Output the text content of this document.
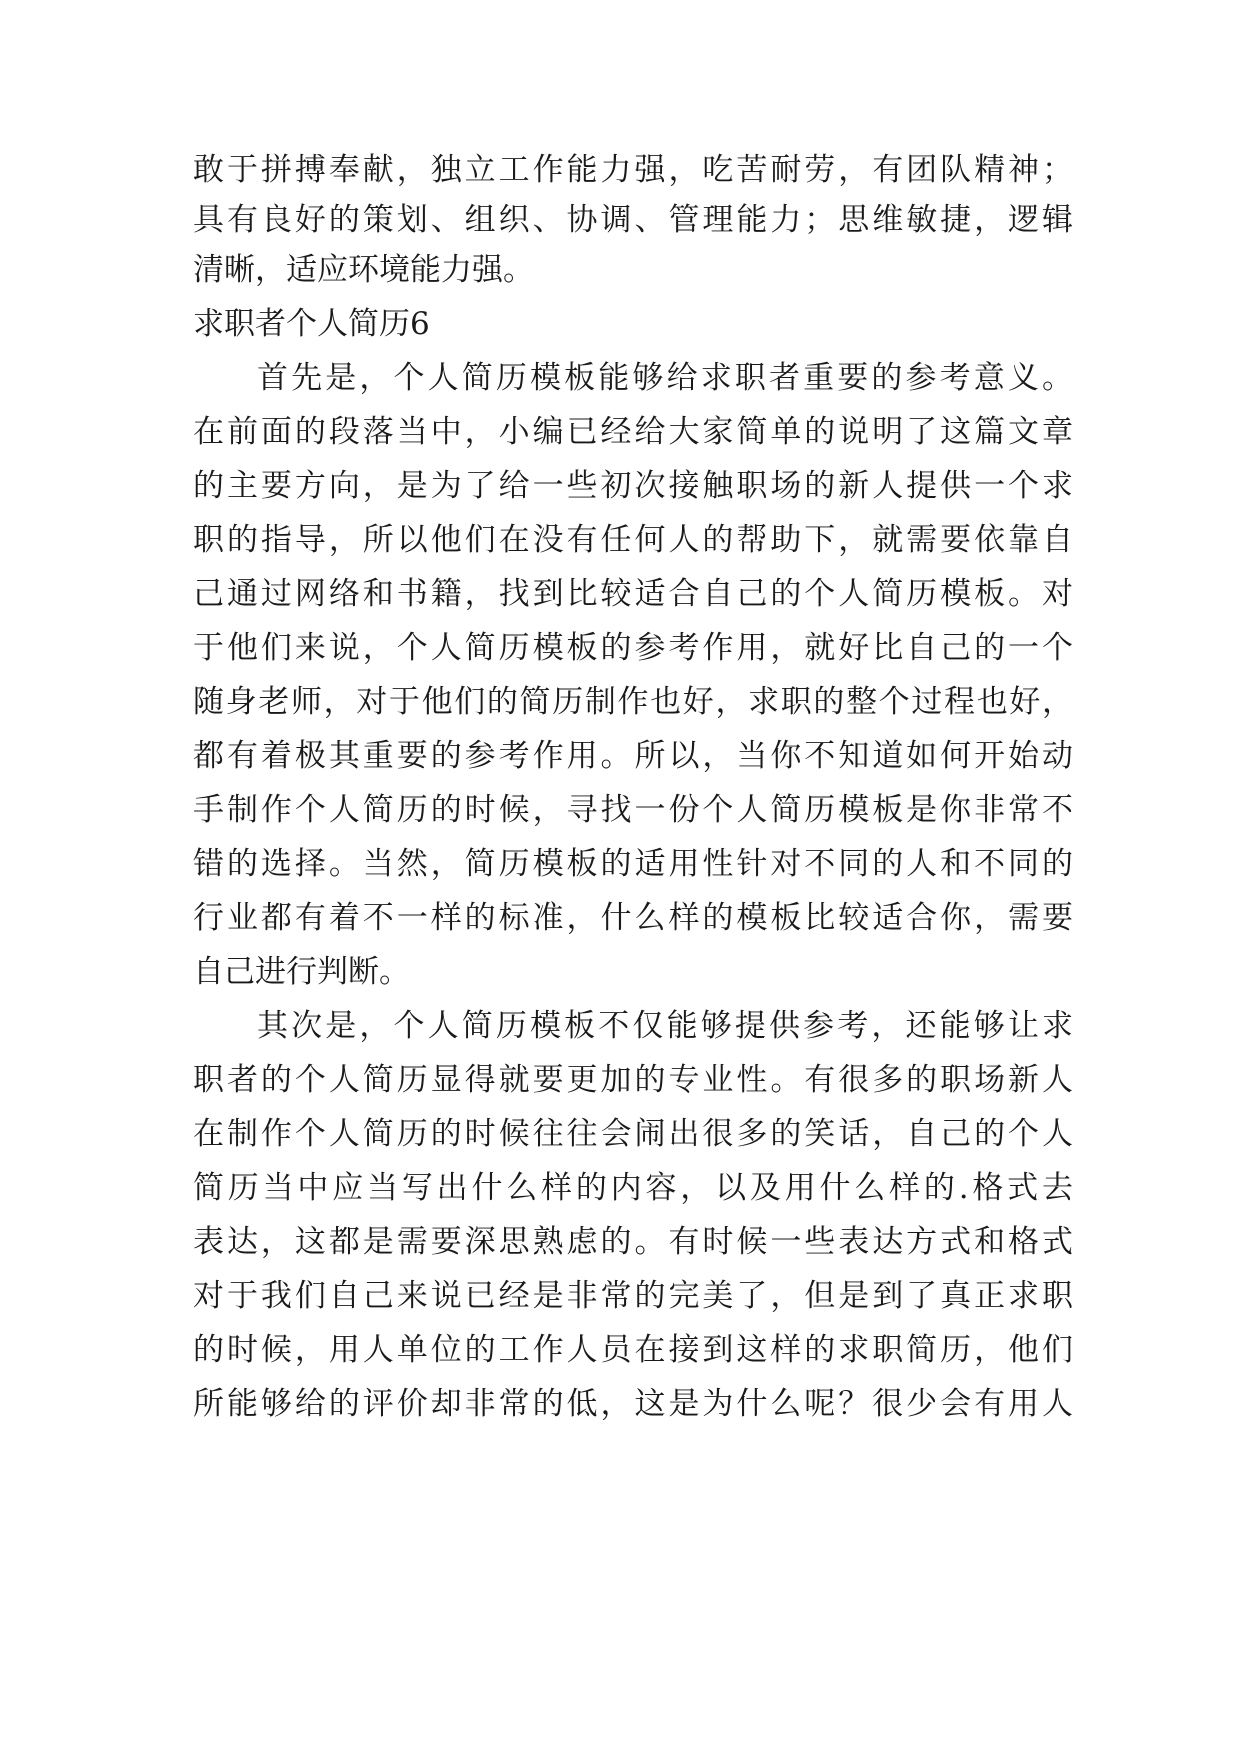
敢于拼搏奉献，独立工作能力强，吃苦耐劳，有团队精神；
具有良好的策划、组织、协调、管理能力；思维敏捷，逻辑
清晰，适应环境能力强。
求职者个人简历6
首先是，个人简历模板能够给求职者重要的参考意义。
在前面的段落当中，小编已经给大家简单的说明了这篇文章
的主要方向，是为了给一些初次接触职场的新人提供一个求
职的指导，所以他们在没有任何人的帮助下，就需要依靠自
己通过网络和书籍，找到比较适合自己的个人简历模板。对
于他们来说，个人简历模板的参考作用，就好比自己的一个
随身老师，对于他们的简历制作也好，求职的整个过程也好，
都有着极其重要的参考作用。所以，当你不知道如何开始动
手制作个人简历的时候，寻找一份个人简历模板是你非常不
错的选择。当然，简历模板的适用性针对不同的人和不同的
行业都有着不一样的标准，什么样的模板比较适合你，需要
自己进行判断。
其次是，个人简历模板不仅能够提供参考，还能够让求
职者的个人简历显得就要更加的专业性。有很多的职场新人
在制作个人简历的时候往往会闹出很多的笑话，自己的个人
简历当中应当写出什么样的内容，以及用什么样的.格式去
表达，这都是需要深思熟虑的。有时候一些表达方式和格式
对于我们自己来说已经是非常的完美了，但是到了真正求职
的时候，用人单位的工作人员在接到这样的求职简历，他们
所能够给的评价却非常的低，这是为什么呢？很少会有用人
